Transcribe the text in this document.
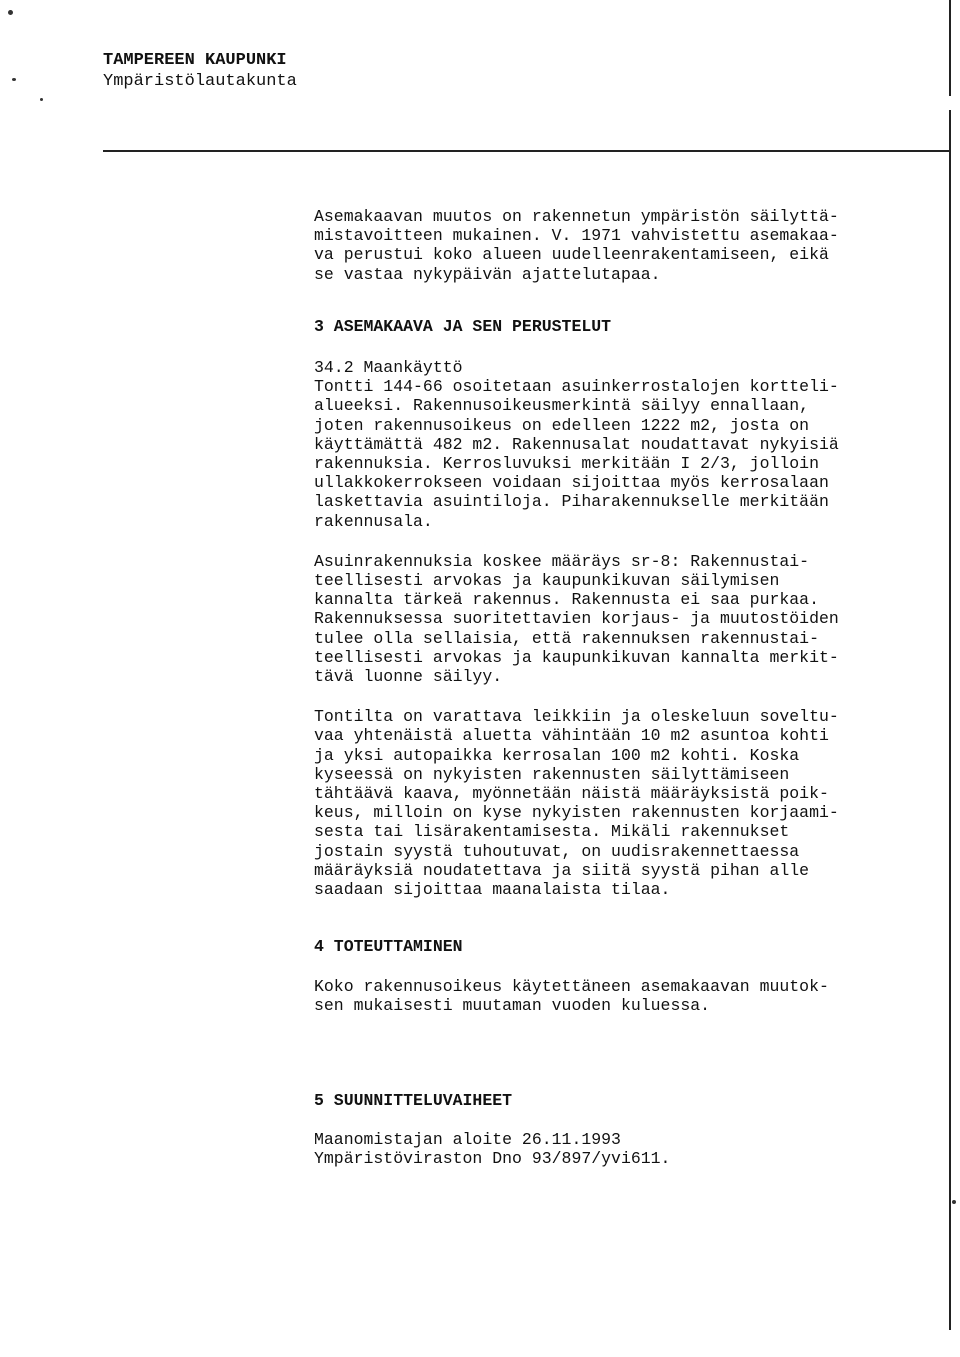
TAMPEREEN KAUPUNKI
Ympäristölautakunta
Asemakaavan muutos on rakennetun ympäristön säilyttä-
mistavoitteen mukainen. V. 1971 vahvistettu asemakaa-
va perustui koko alueen uudelleenrakentamiseen, eikä
se vastaa nykypäivän ajattelutapaa.
3 ASEMAKAAVA JA SEN PERUSTELUT
34.2 Maankäyttö
Tontti 144-66 osoitetaan asuinkerrostalojen kortteli-
alueeksi. Rakennusoikeusmerkintä säilyy ennallaan,
joten rakennusoikeus on edelleen 1222 m2, josta on
käyttämättä 482 m2. Rakennusalat noudattavat nykyisiä
rakennuksia. Kerrosluvuksi merkitään I 2/3, jolloin
ullakkokerrokseen voidaan sijoittaa myös kerrosalaan
laskettavia asuintiloja. Piharakennukselle merkitään
rakennusala.
Asuinrakennuksia koskee määräys sr-8: Rakennustai-
teellisesti arvokas ja kaupunkikuvan säilymisen
kannalta tärkeä rakennus. Rakennusta ei saa purkaa.
Rakennuksessa suoritettavien korjaus- ja muutostöiden
tulee olla sellaisia, että rakennuksen rakennustai-
teellisesti arvokas ja kaupunkikuvan kannalta merkit-
tävä luonne säilyy.
Tontilta on varattava leikkiin ja oleskeluun soveltu-
vaa yhtenäistä aluetta vähintään 10 m2 asuntoa kohti
ja yksi autopaikka kerrosalan 100 m2 kohti. Koska
kyseessä on nykyisten rakennusten säilyttämiseen
tähtäävä kaava, myönnetään näistä määräyksistä poik-
keus, milloin on kyse nykyisten rakennusten korjaami-
sesta tai lisärakentamisesta. Mikäli rakennukset
jostain syystä tuhoutuvat, on uudisrakennettaessa
määräyksiä noudatettava ja siitä syystä pihan alle
saadaan sijoittaa maanalaista tilaa.
4 TOTEUTTAMINEN
Koko rakennusoikeus käytettäneen asemakaavan muutok-
sen mukaisesti muutaman vuoden kuluessa.
5 SUUNNITTELUVAIHEET
Maanomistajan aloite 26.11.1993
Ympäristöviraston Dno 93/897/yvi611.
